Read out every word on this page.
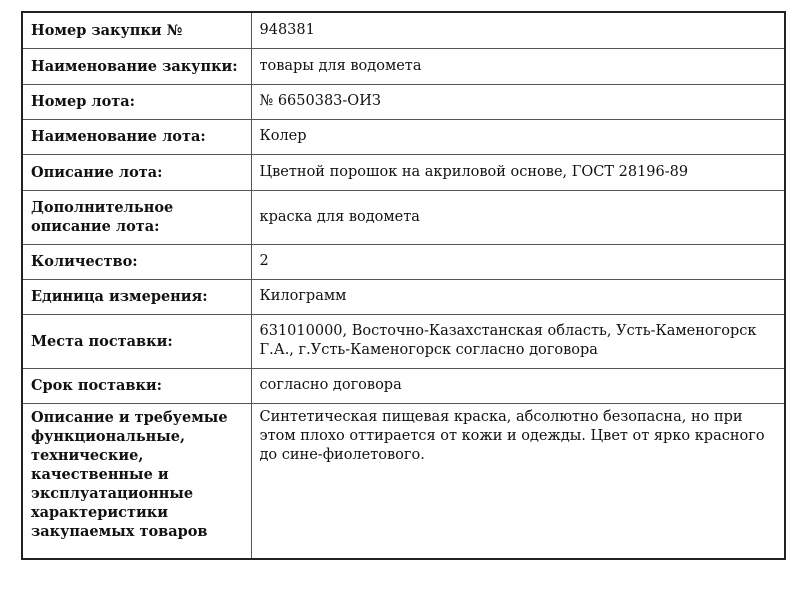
Номер закупки №	948381
Наименование закупки:	товары для водомета
Номер лота:	№ 6650383-ОИЗ
Наименование лота:	Колер
Описание лота:	Цветной порошок на акриловой основе, ГОСТ 28196-89
Дополнительное описание лота:	краска для водомета
Количество:	2
Единица измерения:	Килограмм
Места поставки:	631010000, Восточно-Казахстанская область, Усть-Каменогорск Г.А., г.Усть-Каменогорск согласно договора
Срок поставки:	согласно договора
Описание и требуемые функциональные, технические, качественные и эксплуатационные характеристики закупаемых товаров	Синтетическая пищевая краска, абсолютно безопасна, но при этом плохо оттирается от кожи и одежды. Цвет от ярко красного до сине-фиолетового.
